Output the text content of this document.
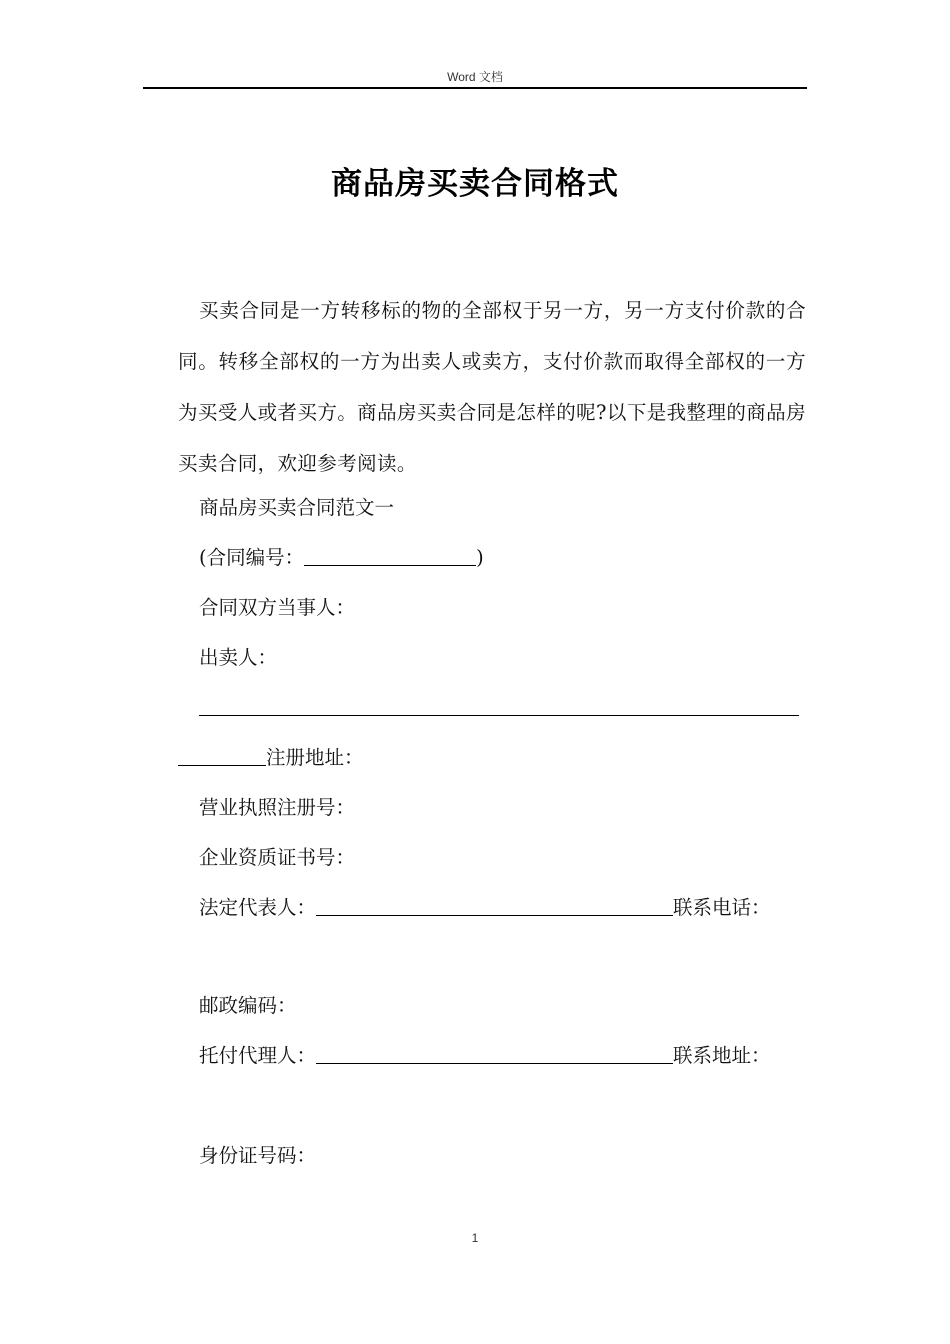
Word 文档
商品房买卖合同格式
买卖合同是一方转移标的物的全部权于另一方，另一方支付价款的合同。转移全部权的一方为出卖人或卖方，支付价款而取得全部权的一方为买受人或者买方。商品房买卖合同是怎样的呢?以下是我整理的商品房买卖合同，欢迎参考阅读。
商品房买卖合同范文一
(合同编号：	)
合同双方当事人：
出卖人：
注册地址：
营业执照注册号：
企业资质证书号：
法定代表人：	联系电话：
邮政编码：
托付代理人：	联系地址：
身份证号码：
1
